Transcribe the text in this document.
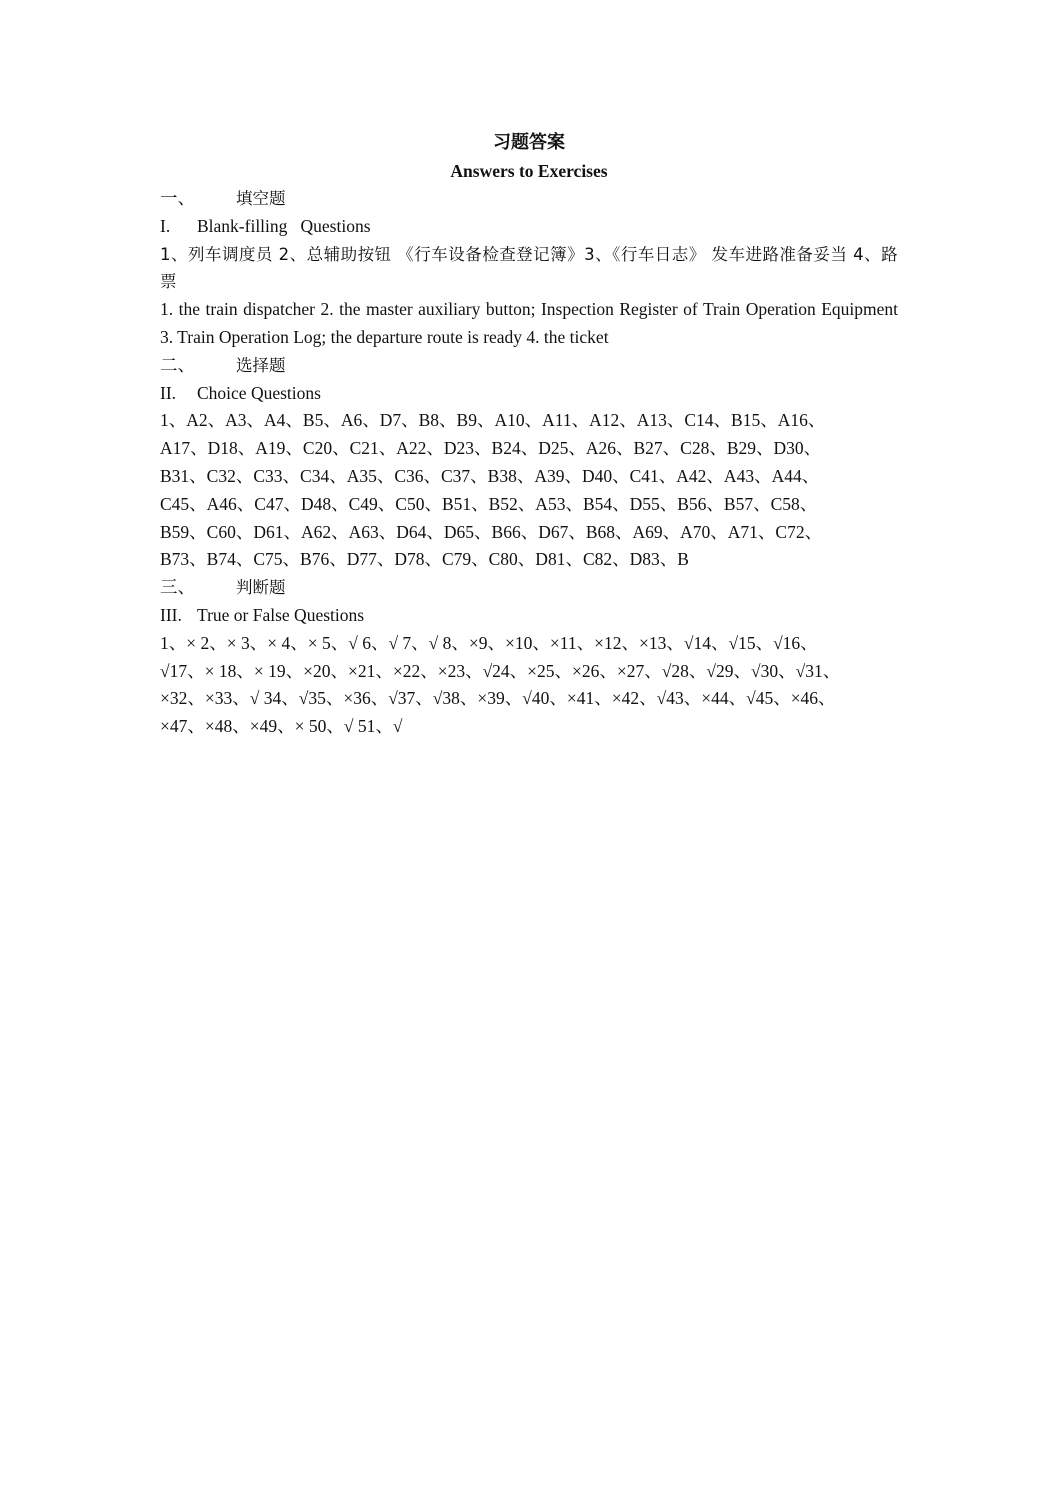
习题答案
Answers to Exercises
一、 填空题
I. Blank-filling   Questions
1、列车调度员 2、总辅助按钮 《行车设备检查登记簿》3、《行车日志》 发车进路准备妥当 4、路票
1. the train dispatcher 2. the master auxiliary button; Inspection Register of Train Operation Equipment 3. Train Operation Log; the departure route is ready 4. the ticket
二、 选择题
II. Choice Questions
1、A2、A3、A4、B5、A6、D7、B8、B9、A10、A11、A12、A13、C14、B15、A16、
A17、D18、A19、C20、C21、A22、D23、B24、D25、A26、B27、C28、B29、D30、
B31、C32、C33、C34、A35、C36、C37、B38、A39、D40、C41、A42、A43、A44、
C45、A46、C47、D48、C49、C50、B51、B52、A53、B54、D55、B56、B57、C58、
B59、C60、D61、A62、A63、D64、D65、B66、D67、B68、A69、A70、A71、C72、
B73、B74、C75、B76、D77、D78、C79、C80、D81、C82、D83、B
三、 判断题
III. True or False Questions
1、× 2、× 3、× 4、× 5、√ 6、√ 7、√ 8、×9、×10、×11、×12、×13、√14、√15、√16、
√17、× 18、× 19、×20、×21、×22、×23、√24、×25、×26、×27、√28、√29、√30、√31、
×32、×33、√ 34、√35、×36、√37、√38、×39、√40、×41、×42、√43、×44、√45、×46、
×47、×48、×49、× 50、√ 51、√
